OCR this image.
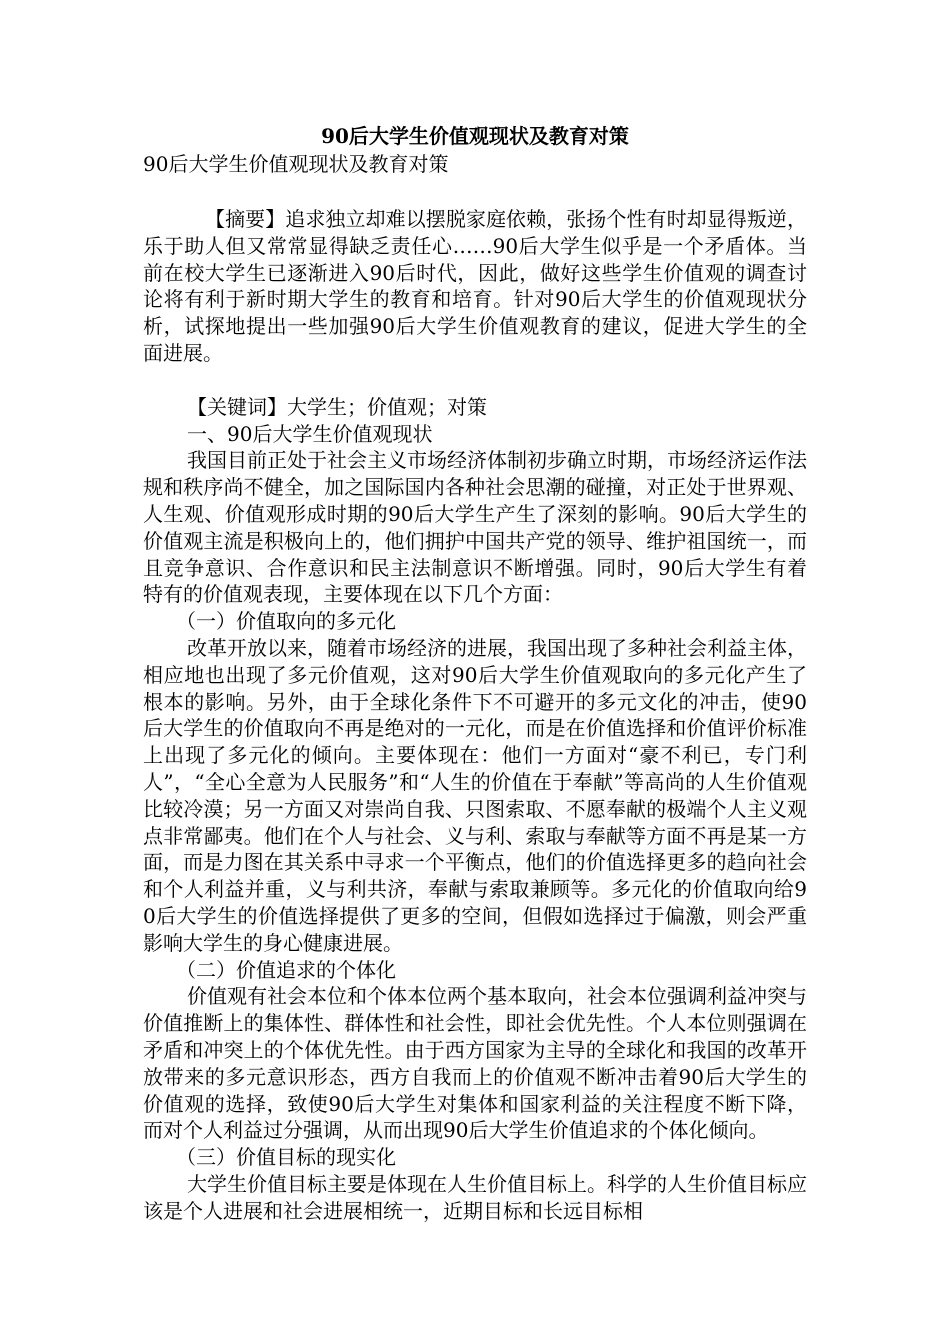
90后大学生价值观现状及教育对策

90后大学生价值观现状及教育对策

【摘要】追求独立却难以摆脱家庭依赖，张扬个性有时却显得叛逆，乐于助人但又常常显得缺乏责任心……90后大学生似乎是一个矛盾体。当前在校大学生已逐渐进入90后时代，因此，做好这些学生价值观的调查讨论将有利于新时期大学生的教育和培育。针对90后大学生的价值观现状分析，试探地提出一些加强90后大学生价值观教育的建议，促进大学生的全面进展。

【关键词】大学生；价值观；对策

一、90后大学生价值观现状

我国目前正处于社会主义市场经济体制初步确立时期，市场经济运作法规和秩序尚不健全，加之国际国内各种社会思潮的碰撞，对正处于世界观、人生观、价值观形成时期的90后大学生产生了深刻的影响。90后大学生的价值观主流是积极向上的，他们拥护中国共产党的领导、维护祖国统一，而且竞争意识、合作意识和民主法制意识不断增强。同时，90后大学生有着特有的价值观表现，主要体现在以下几个方面：

（一）价值取向的多元化

改革开放以来，随着市场经济的进展，我国出现了多种社会利益主体，相应地也出现了多元价值观，这对90后大学生价值观取向的多元化产生了根本的影响。另外，由于全球化条件下不可避开的多元文化的冲击，使90后大学生的价值取向不再是绝对的一元化，而是在价值选择和价值评价标准上出现了多元化的倾向。主要体现在：他们一方面对“豪不利已，专门利人”，“全心全意为人民服务”和“人生的价值在于奉献”等高尚的人生价值观比较冷漠；另一方面又对崇尚自我、只图索取、不愿奉献的极端个人主义观点非常鄙夷。他们在个人与社会、义与利、索取与奉献等方面不再是某一方面，而是力图在其关系中寻求一个平衡点，他们的价值选择更多的趋向社会和个人利益并重，义与利共济，奉献与索取兼顾等。多元化的价值取向给90后大学生的价值选择提供了更多的空间，但假如选择过于偏激，则会严重影响大学生的身心健康进展。

（二）价值追求的个体化

价值观有社会本位和个体本位两个基本取向，社会本位强调利益冲突与价值推断上的集体性、群体性和社会性，即社会优先性。个人本位则强调在矛盾和冲突上的个体优先性。由于西方国家为主导的全球化和我国的改革开放带来的多元意识形态，西方自我而上的价值观不断冲击着90后大学生的价值观的选择，致使90后大学生对集体和国家利益的关注程度不断下降，而对个人利益过分强调，从而出现90后大学生价值追求的个体化倾向。

（三）价值目标的现实化

大学生价值目标主要是体现在人生价值目标上。科学的人生价值目标应该是个人进展和社会进展相统一，近期目标和长远目标相
